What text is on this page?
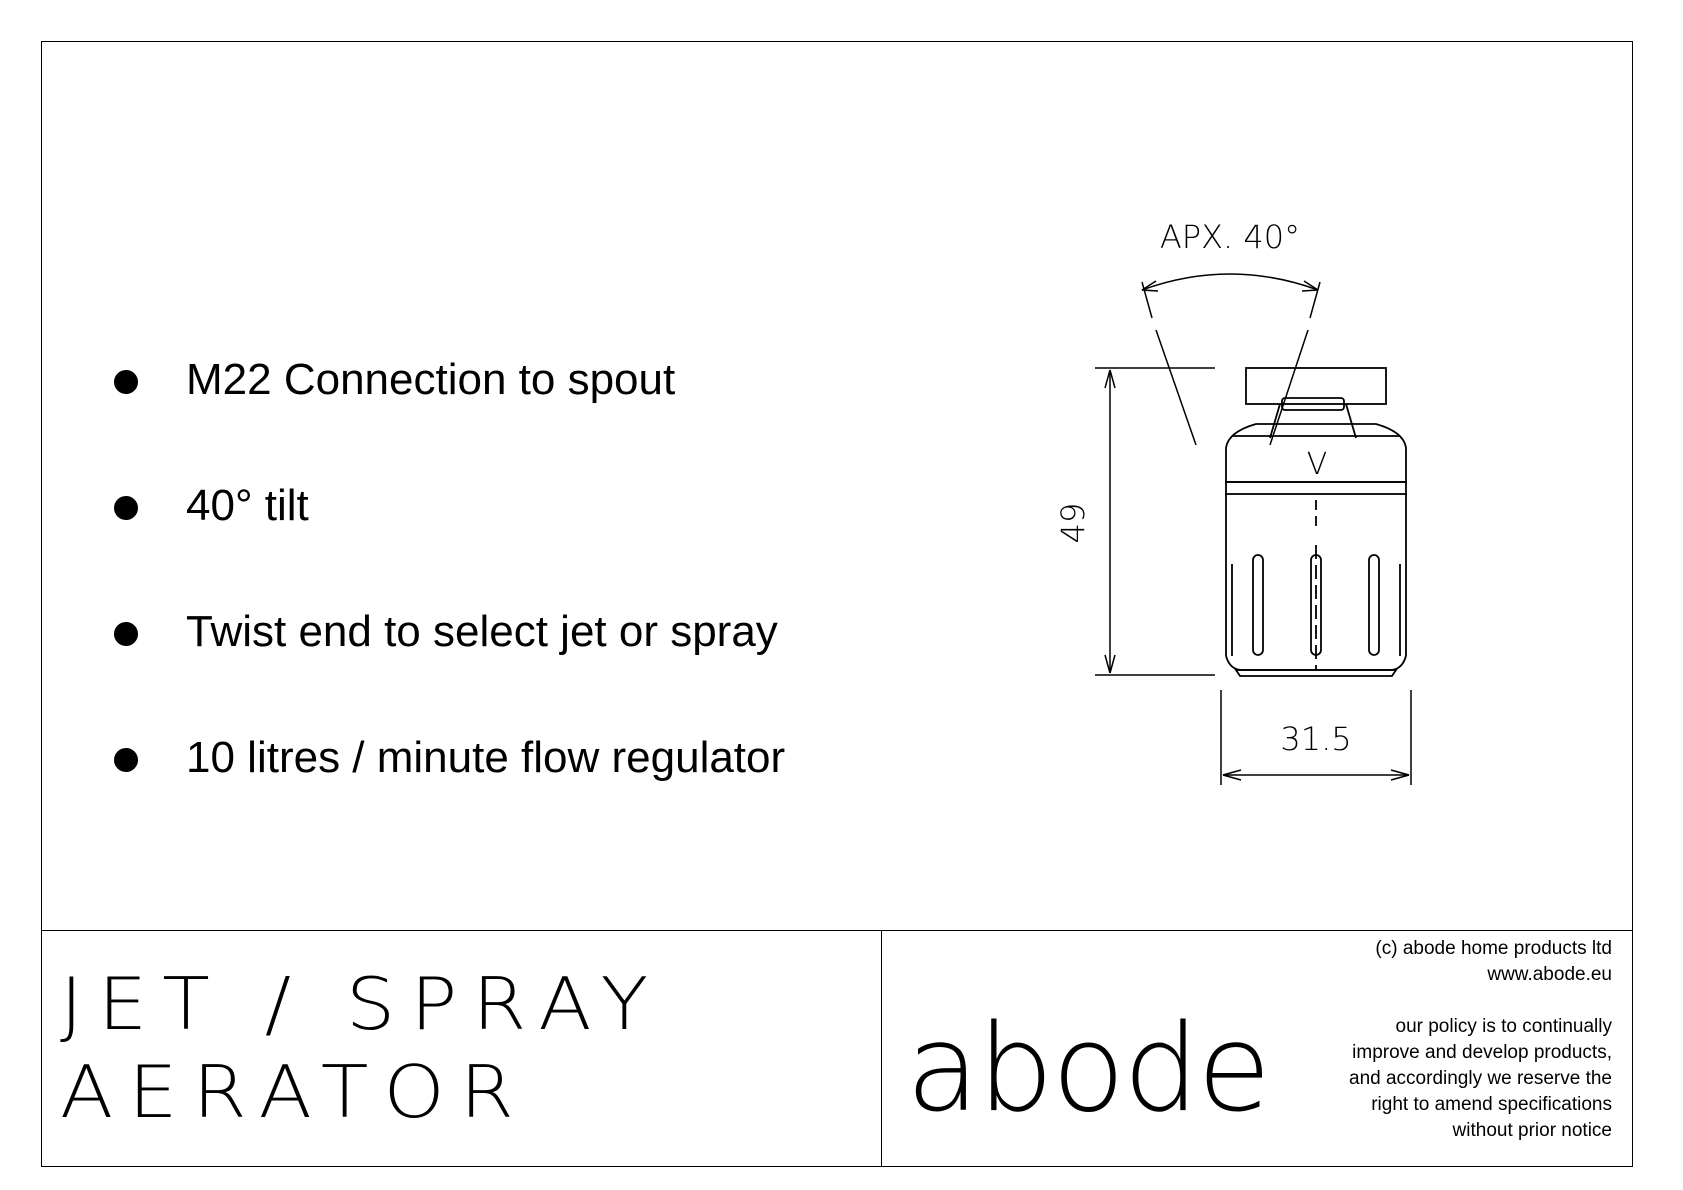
M22 Connection to spout
40° tilt
Twist end to select jet or spray
10 litres / minute flow regulator
APX. 40°
49
31.5
V
JET / SPRAY
AERATOR	abode
(c) abode home products ltd
www.abode.eu
our policy is to continually
improve and develop products,
and accordingly we reserve the
right to amend specifications
without prior notice
